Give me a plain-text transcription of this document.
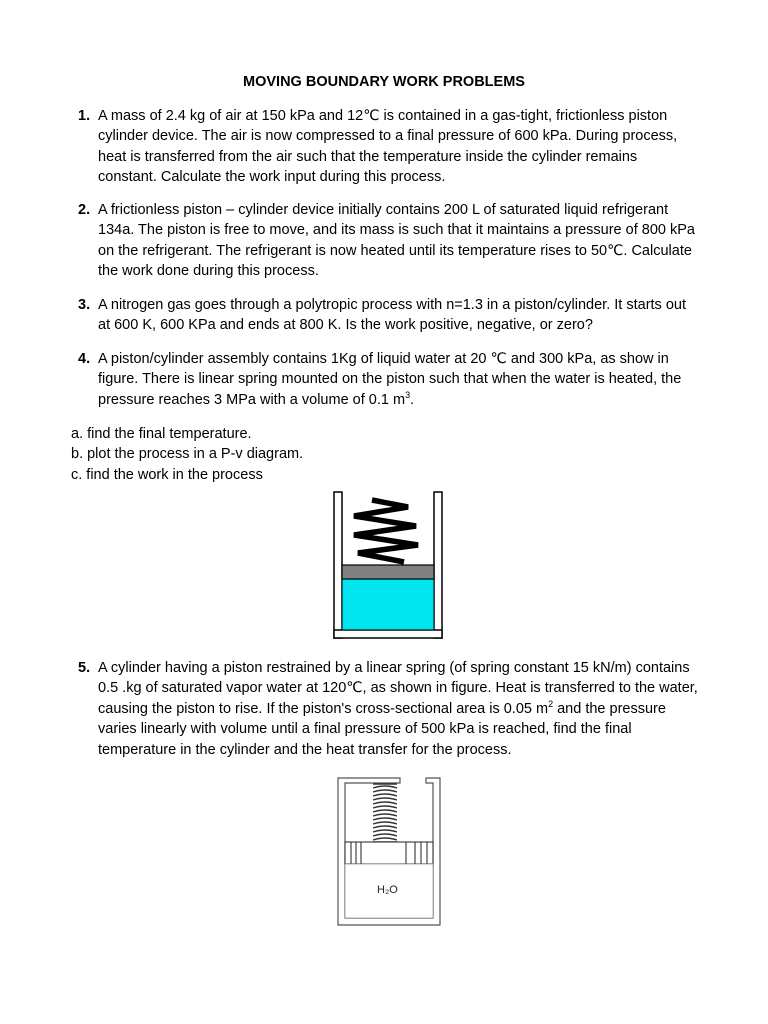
MOVING BOUNDARY WORK PROBLEMS
1. A mass of 2.4 kg of air at 150 kPa and 12℃ is contained in a gas-tight, frictionless piston cylinder device. The air is now compressed to a final pressure of 600 kPa. During process, heat is transferred from the air such that the temperature inside the cylinder remains constant. Calculate the work input during this process.
2. A frictionless piston – cylinder device initially contains 200 L of saturated liquid refrigerant 134a. The piston is free to move, and its mass is such that it maintains a pressure of 800 kPa on the refrigerant. The refrigerant is now heated until its temperature rises to 50℃. Calculate the work done during this process.
3. A nitrogen gas goes through a polytropic process with n=1.3 in a piston/cylinder. It starts out at 600 K, 600 KPa and ends at 800 K. Is the work positive, negative, or zero?
4. A piston/cylinder assembly contains 1Kg of liquid water at 20 ℃ and 300 kPa, as show in figure. There is linear spring mounted on the piston such that when the water is heated, the pressure reaches 3 MPa with a volume of 0.1 $m^3$.
a. find the final temperature.
b. plot the process in a P-v diagram.
c. find the work in the process
5. A cylinder having a piston restrained by a linear spring (of spring constant 15 kN/m) contains 0.5 .kg of saturated vapor water at 120℃, as shown in figure. Heat is transferred to the water, causing the piston to rise. If the piston's cross-sectional area is 0.05 $m^2$ and the pressure varies linearly with volume until a final pressure of 500 kPa is reached, find the final temperature in the cylinder and the heat transfer for the process.
H₂O
